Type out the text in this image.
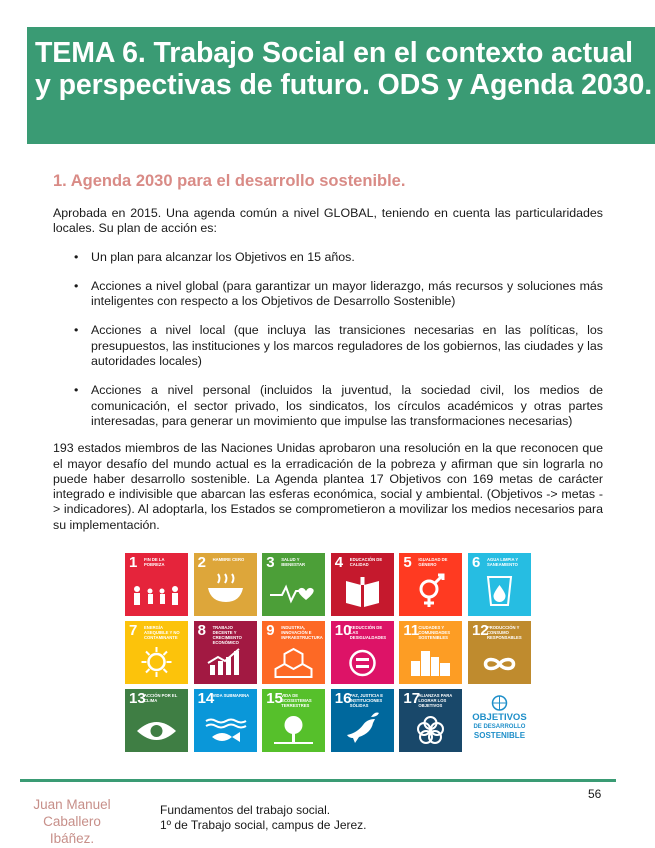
TEMA 6. Trabajo Social en el contexto actual y perspectivas de futuro. ODS y Agenda 2030.
1. Agenda 2030 para el desarrollo sostenible.

Aprobada en 2015. Una agenda común a nivel GLOBAL, teniendo en cuenta las particularidades locales. Su plan de acción es:

• Un plan para alcanzar los Objetivos en 15 años.
• Acciones a nivel global (para garantizar un mayor liderazgo, más recursos y soluciones más inteligentes con respecto a los Objetivos de Desarrollo Sostenible)
• Acciones a nivel local (que incluya las transiciones necesarias en las políticas, los presupuestos, las instituciones y los marcos reguladores de los gobiernos, las ciudades y las autoridades locales)
• Acciones a nivel personal (incluidos la juventud, la sociedad civil, los medios de comunicación, el sector privado, los sindicatos, los círculos académicos y otras partes interesadas, para generar un movimiento que impulse las transformaciones necesarias)

193 estados miembros de las Naciones Unidas aprobaron una resolución en la que reconocen que el mayor desafío del mundo actual es la erradicación de la pobreza y afirman que sin lograrla no puede haber desarrollo sostenible. La Agenda plantea 17 Objetivos con 169 metas de carácter integrado e indivisible que abarcan las esferas económica, social y ambiental. (Objetivos -> metas -> indicadores). Al adoptarla, los Estados se comprometieron a movilizar los medios necesarios para su implementación.

1 FIN DE LA POBREZA	2 HAMBRE CERO	3 SALUD Y BIENESTAR	4 EDUCACIÓN DE CALIDAD	5 IGUALDAD DE GÉNERO	6 AGUA LIMPIA Y SANEAMIENTO
7 ENERGÍA ASEQUIBLE Y NO CONTAMINANTE	8 TRABAJO DECENTE Y CRECIMIENTO ECONÓMICO
9 INDUSTRIA, INNOVACIÓN E INFRAESTRUCTURA 10
REDUCCIÓN DE LAS DESIGUALDADES	11 CIUDADES Y COMUNIDADES SOSTENIBLES	12
PRODUCCIÓN Y CONSUMO RESPONSABLES
13
ACCIÓN POR EL CLIMA	14
VIDA SUBMARINA 15
VIDA DE ECOSISTEMAS TERRESTRES	16
PAZ, JUSTICIA E INSTITUCIONES SÓLIDAS	17
ALIANZAS PARA LOGRAR LOS OBJETIVOS
OBJETIVOS
DE DESARROLLO
SOSTENIBLE
56
Juan Manuel
Caballero
Ibáñez.
Fundamentos del trabajo social.
1º de Trabajo social, campus de Jerez.
